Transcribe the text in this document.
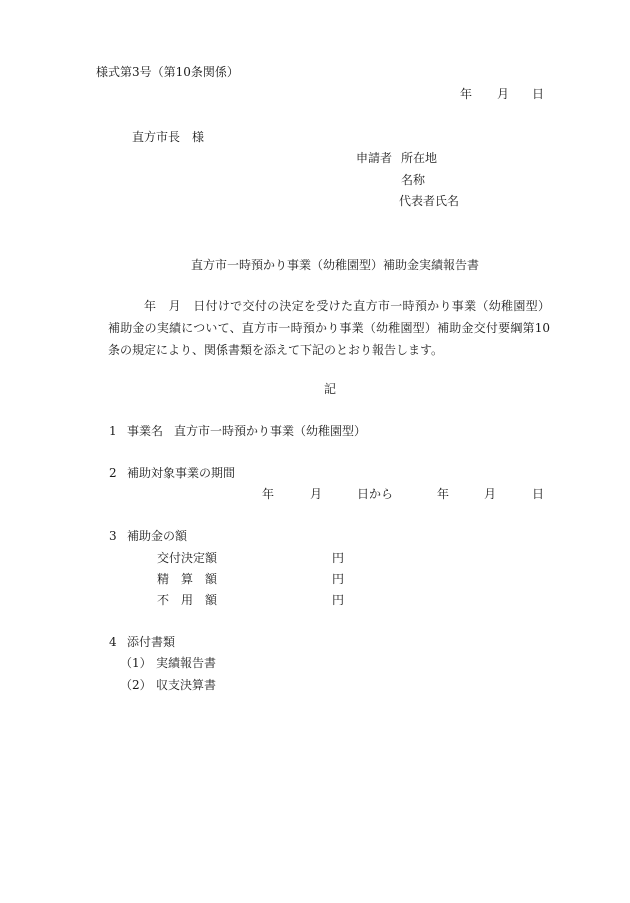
様式第3号（第10条関係）
年 月 日
直方市長　様
申請者 所在地
名称
代表者氏名
直方市一時預かり事業（幼稚園型）補助金実績報告書
年　月　日付けで交付の決定を受けた直方市一時預かり事業（幼稚園型）補助金の実績について、直方市一時預かり事業（幼稚園型）補助金交付要綱第10条の規定により、関係書類を添えて下記のとおり報告します。
記
1 事業名 直方市一時預かり事業（幼稚園型）
2 補助対象事業の期間
年	月	日から	年	月	日
3 補助金の額
交付決定額	円
精　算　額	円
不　用　額	円
4 添付書類
（1） 実績報告書
（2） 収支決算書
